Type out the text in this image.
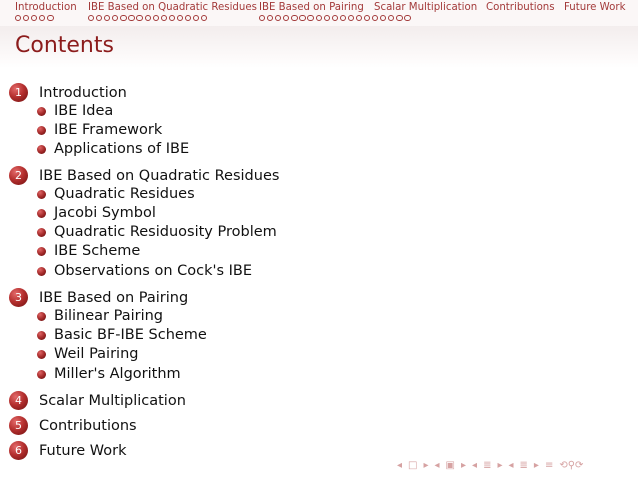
Introduction IBE Based on Quadratic Residues IBE Based on Pairing Scalar Multiplication Contributions Future Work
Contents
1	Introduction
IBE Idea
IBE Framework
Applications of IBE
2	IBE Based on Quadratic Residues
Quadratic Residues
Jacobi Symbol
Quadratic Residuosity Problem
IBE Scheme
Observations on Cock's IBE
3	IBE Based on Pairing
Bilinear Pairing
Basic BF-IBE Scheme
Weil Pairing
Miller's Algorithm
4	Scalar Multiplication
5	Contributions
6	Future Work
◂ □ ▸ ◂ ▣ ▸ ◂ ≣ ▸ ◂ ≣ ▸ ≡ ⟲⚲⟳
